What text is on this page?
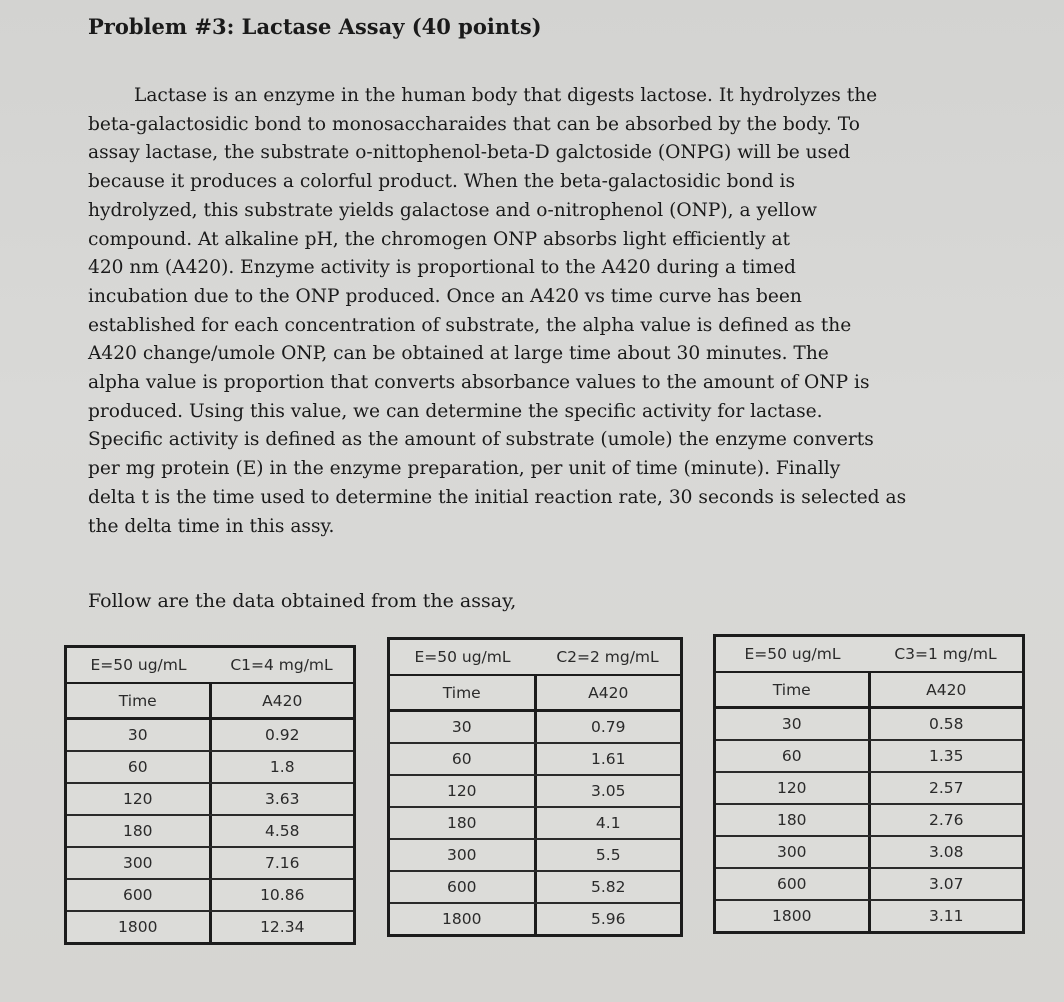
Problem #3: Lactase Assay (40 points)
Lactase is an enzyme in the human body that digests lactose. It hydrolyzes the
beta-galactosidic bond to monosaccharaides that can be absorbed by the body. To
assay lactase, the substrate o-nittophenol-beta-D galctoside (ONPG) will be used
because it produces a colorful product. When the beta-galactosidic bond is
hydrolyzed, this substrate yields galactose and o-nitrophenol (ONP), a yellow
compound. At alkaline pH, the chromogen ONP absorbs light efficiently at
420 nm (A420). Enzyme activity is proportional to the A420 during a timed
incubation due to the ONP produced. Once an A420 vs time curve has been
established for each concentration of substrate, the alpha value is defined as the
A420 change/umole ONP, can be obtained at large time about 30 minutes. The
alpha value is proportion that converts absorbance values to the amount of ONP is
produced. Using this value, we can determine the specific activity for lactase.
Specific activity is defined as the amount of substrate (umole) the enzyme converts
per mg protein (E) in the enzyme preparation, per unit of time (minute). Finally
delta t is the time used to determine the initial reaction rate, 30 seconds is selected as
the delta time in this assy.
Follow are the data obtained from the assay,
E=50 ug/mL	C1=4 mg/mL
Time	A420
30	0.92
60	1.8
120	3.63
180	4.58
300	7.16
600	10.86
1800	12.34
E=50 ug/mL	C2=2 mg/mL
Time	A420
30	0.79
60	1.61
120	3.05
180	4.1
300	5.5
600	5.82
1800	5.96
E=50 ug/mL	C3=1 mg/mL
Time	A420
30	0.58
60	1.35
120	2.57
180	2.76
300	3.08
600	3.07
1800	3.11
